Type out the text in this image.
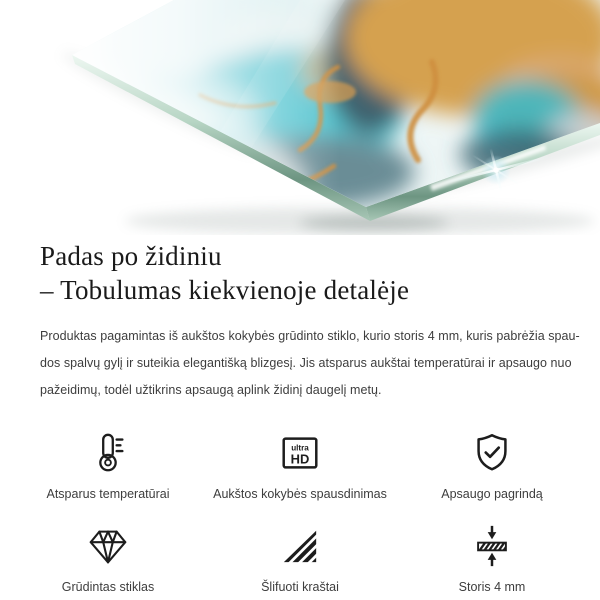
Padas po židiniu
– Tobulumas kiekvienoje detalėje
Produktas pagamintas iš aukštos kokybės grūdinto stiklo, kurio storis 4 mm, kuris pabrėžia spau-
dos spalvų gylį ir suteikia elegantišką blizgesį. Jis atsparus aukštai temperatūrai ir apsaugo nuo
pažeidimų, todėl užtikrins apsaugą aplink židinį daugelį metų.
Atsparus temperatūrai
ultra
HD
Aukštos kokybės spausdinimas	Apsaugo pagrindą
Grūdintas stiklas	Šlifuoti kraštai	Storis 4 mm
